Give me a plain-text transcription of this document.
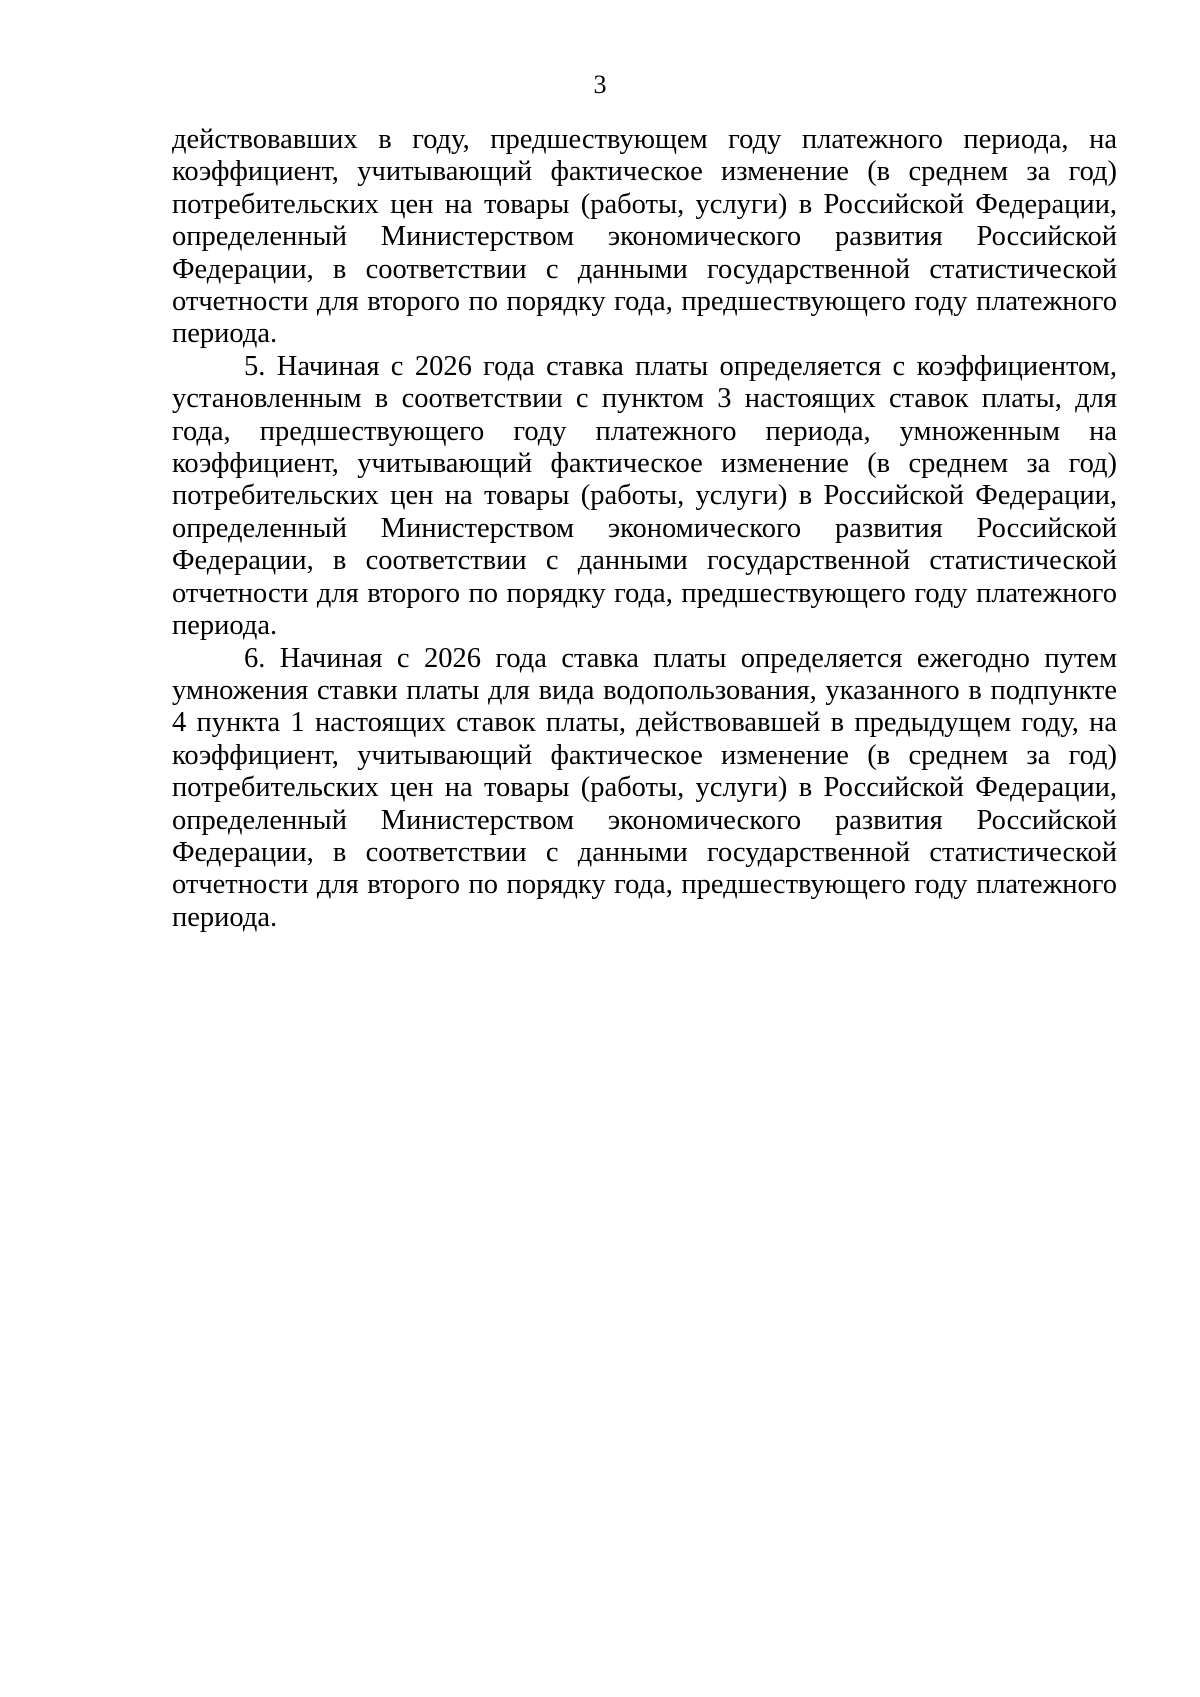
3

действовавших в году, предшествующем году платежного периода, на коэффициент, учитывающий фактическое изменение (в среднем за год) потребительских цен на товары (работы, услуги) в Российской Федерации, определенный Министерством экономического развития Российской Федерации, в соответствии с данными государственной статистической отчетности для второго по порядку года, предшествующего году платежного периода.

5. Начиная с 2026 года ставка платы определяется с коэффициентом, установленным в соответствии с пунктом 3 настоящих ставок платы, для года, предшествующего году платежного периода, умноженным на коэффициент, учитывающий фактическое изменение (в среднем за год) потребительских цен на товары (работы, услуги) в Российской Федерации, определенный Министерством экономического развития Российской Федерации, в соответствии с данными государственной статистической отчетности для второго по порядку года, предшествующего году платежного периода.

6. Начиная с 2026 года ставка платы определяется ежегодно путем умножения ставки платы для вида водопользования, указанного в подпункте 4 пункта 1 настоящих ставок платы, действовавшей в предыдущем году, на коэффициент, учитывающий фактическое изменение (в среднем за год) потребительских цен на товары (работы, услуги) в Российской Федерации, определенный Министерством экономического развития Российской Федерации, в соответствии с данными государственной статистической отчетности для второго по порядку года, предшествующего году платежного периода.
